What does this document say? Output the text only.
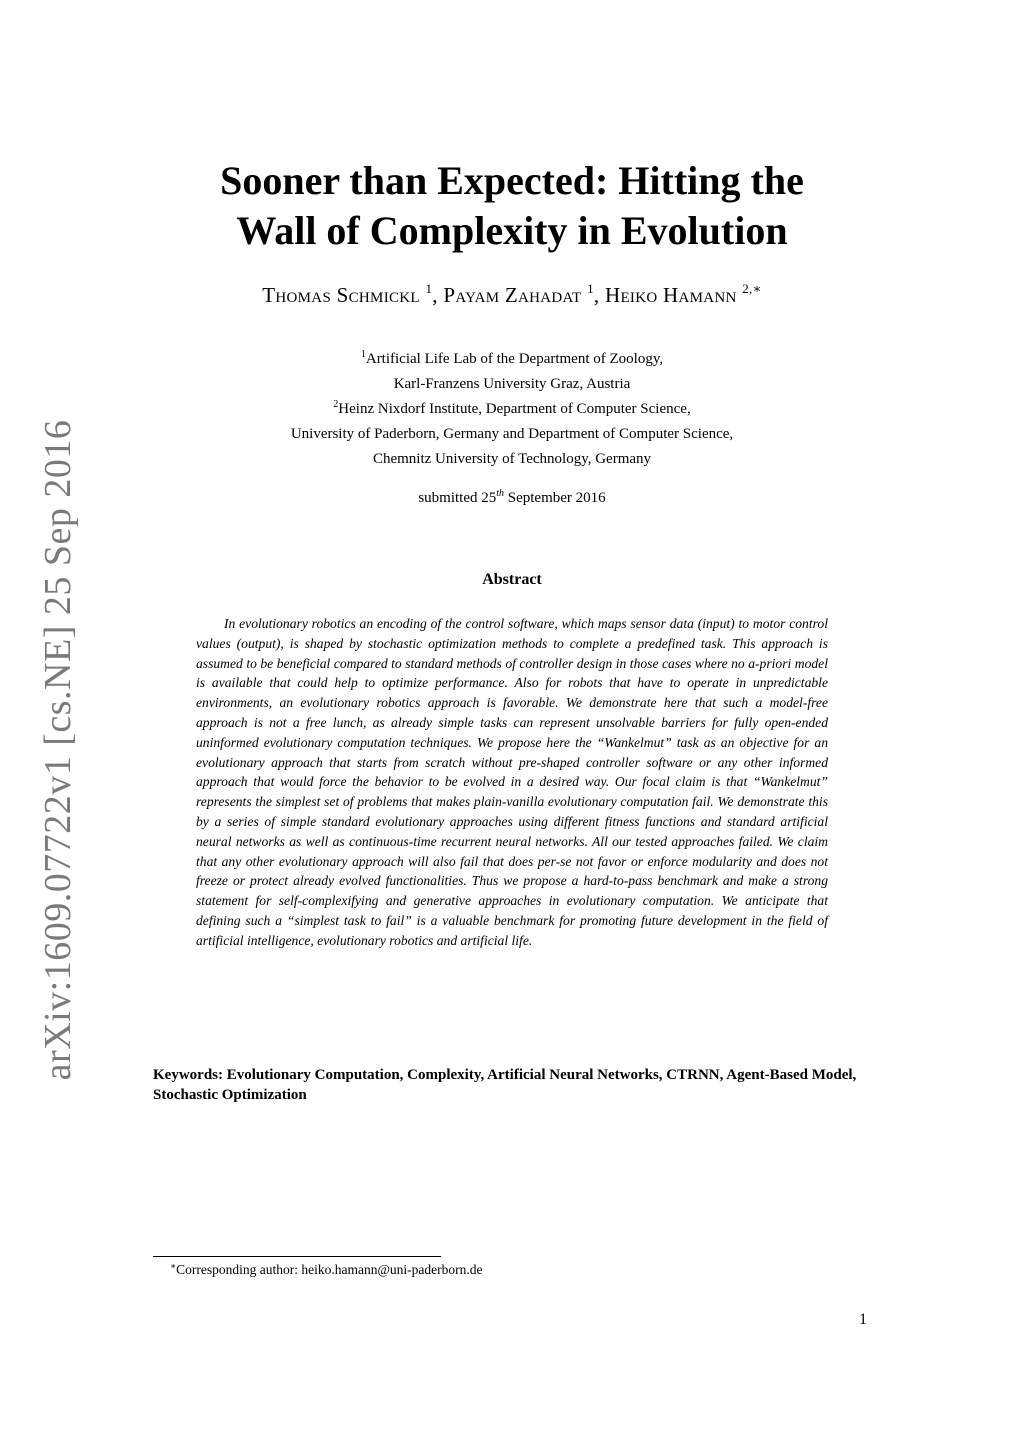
arXiv:1609.07722v1 [cs.NE] 25 Sep 2016
Sooner than Expected: Hitting the
Wall of Complexity in Evolution
Thomas Schmickl $^1$, Payam Zahadat $^1$, Heiko Hamann $^{2,∗}$
$^1$Artificial Life Lab of the Department of Zoology,
Karl-Franzens University Graz, Austria
$^2$Heinz Nixdorf Institute, Department of Computer Science,
University of Paderborn, Germany and Department of Computer Science,
Chemnitz University of Technology, Germany
submitted 25th September 2016
Abstract

In evolutionary robotics an encoding of the control software, which maps sensor data (input) to motor control values (output), is shaped by stochastic optimization methods to complete a predefined task. This approach is assumed to be beneficial compared to standard methods of controller design in those cases where no a-priori model is available that could help to optimize performance. Also for robots that have to operate in unpredictable environments, an evolutionary robotics approach is favorable. We demonstrate here that such a model-free approach is not a free lunch, as already simple tasks can represent unsolvable barriers for fully open-ended uninformed evolutionary computation techniques. We propose here the “Wankelmut” task as an objective for an evolutionary approach that starts from scratch without pre-shaped controller software or any other informed approach that would force the behavior to be evolved in a desired way. Our focal claim is that “Wankelmut” represents the simplest set of problems that makes plain-vanilla evolutionary computation fail. We demonstrate this by a series of simple standard evolutionary approaches using different fitness functions and standard artificial neural networks as well as continuous-time recurrent neural networks. All our tested approaches failed. We claim that any other evolutionary approach will also fail that does per-se not favor or enforce modularity and does not freeze or protect already evolved functionalities. Thus we propose a hard-to-pass benchmark and make a strong statement for self-complexifying and generative approaches in evolutionary computation. We anticipate that defining such a “simplest task to fail” is a valuable benchmark for promoting future development in the field of artificial intelligence, evolutionary robotics and artificial life.

Keywords: Evolutionary Computation, Complexity, Artificial Neural Networks, CTRNN, Agent-Based Model, Stochastic Optimization
∗Corresponding author: heiko.hamann@uni-paderborn.de
1
